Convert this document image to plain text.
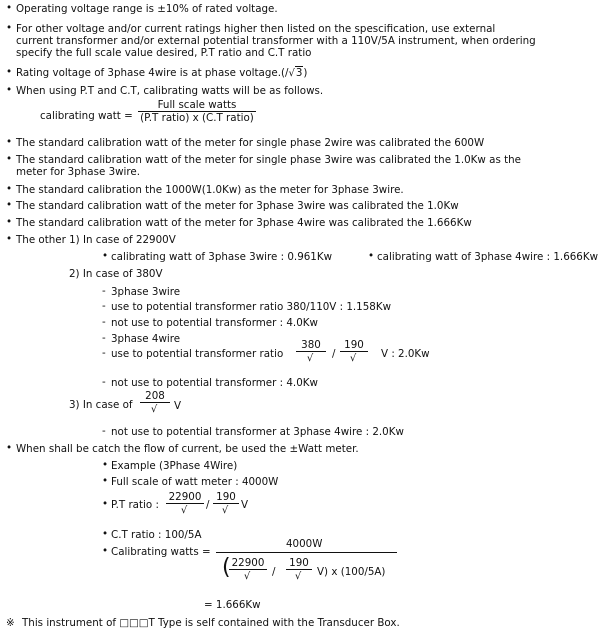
• Operating voltage range is ±10% of rated voltage.
• For other voltage and/or current ratings higher then listed on the spescification, use external
current transformer and/or external potential transformer with a 110V/5A instrument, when ordering
specify the full scale value desired, P.T ratio and C.T ratio
• Rating voltage of 3phase 4wire is at phase voltage.(/√3)
• When using P.T and C.T, calibrating watts will be as follows.
calibrating watt =
Full scale watts
(P.T ratio) x (C.T ratio)
• The standard calibration watt of the meter for single phase 2wire was calibrated the 600W
• The standard calibration watt of the meter for single phase 3wire was calibrated the 1.0Kw as the
meter for 3phase 3wire.
• The standard calibration the 1000W(1.0Kw) as the meter for 3phase 3wire.
• The standard calibration watt of the meter for 3phase 3wire was calibrated the 1.0Kw
• The standard calibration watt of the meter for 3phase 4wire was calibrated the 1.666Kw
• The other 1) In case of 22900V
• calibrating watt of 3phase 3wire : 0.961Kw	• calibrating watt of 3phase 4wire : 1.666Kw
2) In case of 380V
- 3phase 3wire
- use to potential transformer ratio 380/110V : 1.158Kw
- not use to potential transformer : 4.0Kw
- 3phase 4wire
- use to potential transformer ratio
380
√	/
190
√	V : 2.0Kw
- not use to potential transformer : 4.0Kw
3) In case of
208
√	V
- not use to potential transformer at 3phase 4wire : 2.0Kw
• When shall be catch the flow of current, be used the ±Watt meter.
• Example (3Phase 4Wire)
• Full scale of watt meter : 4000W
• P.T ratio :
22900
√	/
190
√	V
• C.T ratio : 100/5A
• Calibrating watts =
4000W
( 22900
√	/
190
√	V) x (100/5A)
= 1.666Kw
※ This instrument of □□□T Type is self contained with the Transducer Box.
